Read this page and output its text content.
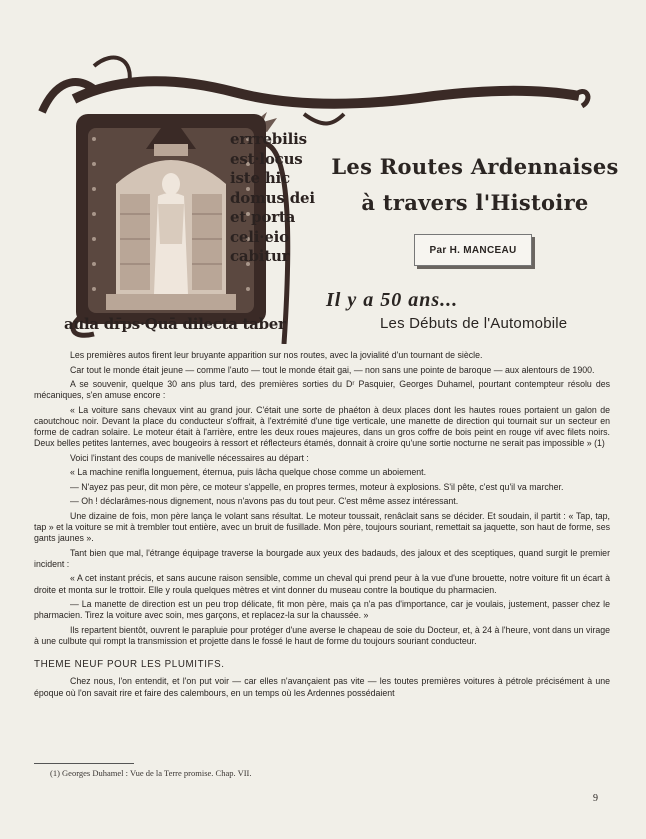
errrebilis
est·locus
iste hic
domus dei
et porta
celi·eio
cabitur
aula dr̄ps·Quā dilecta taber
Les Routes Ardennaises
à travers l'Histoire
Par H. MANCEAU
Il y a 50 ans...
Les Débuts de l'Automobile

Les premières autos firent leur bruyante apparition sur nos routes, avec la jovialité d'un tournant de siècle.

Car tout le monde était jeune — comme l'auto — tout le monde était gai, — non sans une pointe de baroque — aux alentours de 1900.

A se souvenir, quelque 30 ans plus tard, des premières sorties du Dʳ Pasquier, Georges Duhamel, pourtant contempteur résolu des mécaniques, s'en amuse encore :

« La voiture sans chevaux vint au grand jour. C'était une sorte de phaéton à deux places dont les hautes roues portaient un galon de caoutchouc noir. Devant la place du conducteur s'offrait, à l'extrémité d'une tige verticale, une manette de direction qui tournait sur un secteur en forme de cadran solaire. Le moteur était à l'arrière, entre les deux roues majeures, dans un gros coffre de bois peint en rouge vif avec filets noirs. Deux belles petites lanternes, avec bougeoirs à ressort et réflecteurs étamés, donnait à croire qu'une sortie nocturne ne serait pas impossible » (1)

Voici l'instant des coups de manivelle nécessaires au départ :

« La machine renifla longuement, éternua, puis lâcha quelque chose comme un aboiement.

— N'ayez pas peur, dit mon père, ce moteur s'appelle, en propres termes, moteur à explosions. S'il pête, c'est qu'il va marcher.

— Oh ! déclarâmes-nous dignement, nous n'avons pas du tout peur. C'est même assez intéressant.

Une dizaine de fois, mon père lança le volant sans résultat. Le moteur toussait, renâclait sans se décider. Et soudain, il partit : « Tap, tap, tap » et la voiture se mit à trembler tout entière, avec un bruit de fusillade. Mon père, toujours souriant, remettait sa jaquette, son haut de forme, ses gants jaunes ».

Tant bien que mal, l'étrange équipage traverse la bourgade aux yeux des badauds, des jaloux et des sceptiques, quand surgit le premier incident :

« A cet instant précis, et sans aucune raison sensible, comme un cheval qui prend peur à la vue d'une brouette, notre voiture fit un écart à droite et monta sur le trottoir. Elle y roula quelques mètres et vint donner du museau contre la boutique du pharmacien.

— La manette de direction est un peu trop délicate, fit mon père, mais ça n'a pas d'importance, car je voulais, justement, passer chez le pharmacien. Tirez la voiture avec soin, mes garçons, et replacez-la sur la chaussée. »

Ils repartent bientôt, ouvrent le parapluie pour protéger d'une averse le chapeau de soie du Docteur, et, à 24 à l'heure, vont dans un virage à une culbute qui rompt la transmission et projette dans le fossé le haut de forme du toujours souriant conducteur.

THEME NEUF POUR LES PLUMITIFS.

Chez nous, l'on entendit, et l'on put voir — car elles n'avançaient pas vite — les toutes premières voitures à pétrole précisément à une époque où l'on savait rire et faire des calembours, en un temps où les Ardennes possédaient

(1) Georges Duhamel : Vue de la Terre promise. Chap. VII.
9
